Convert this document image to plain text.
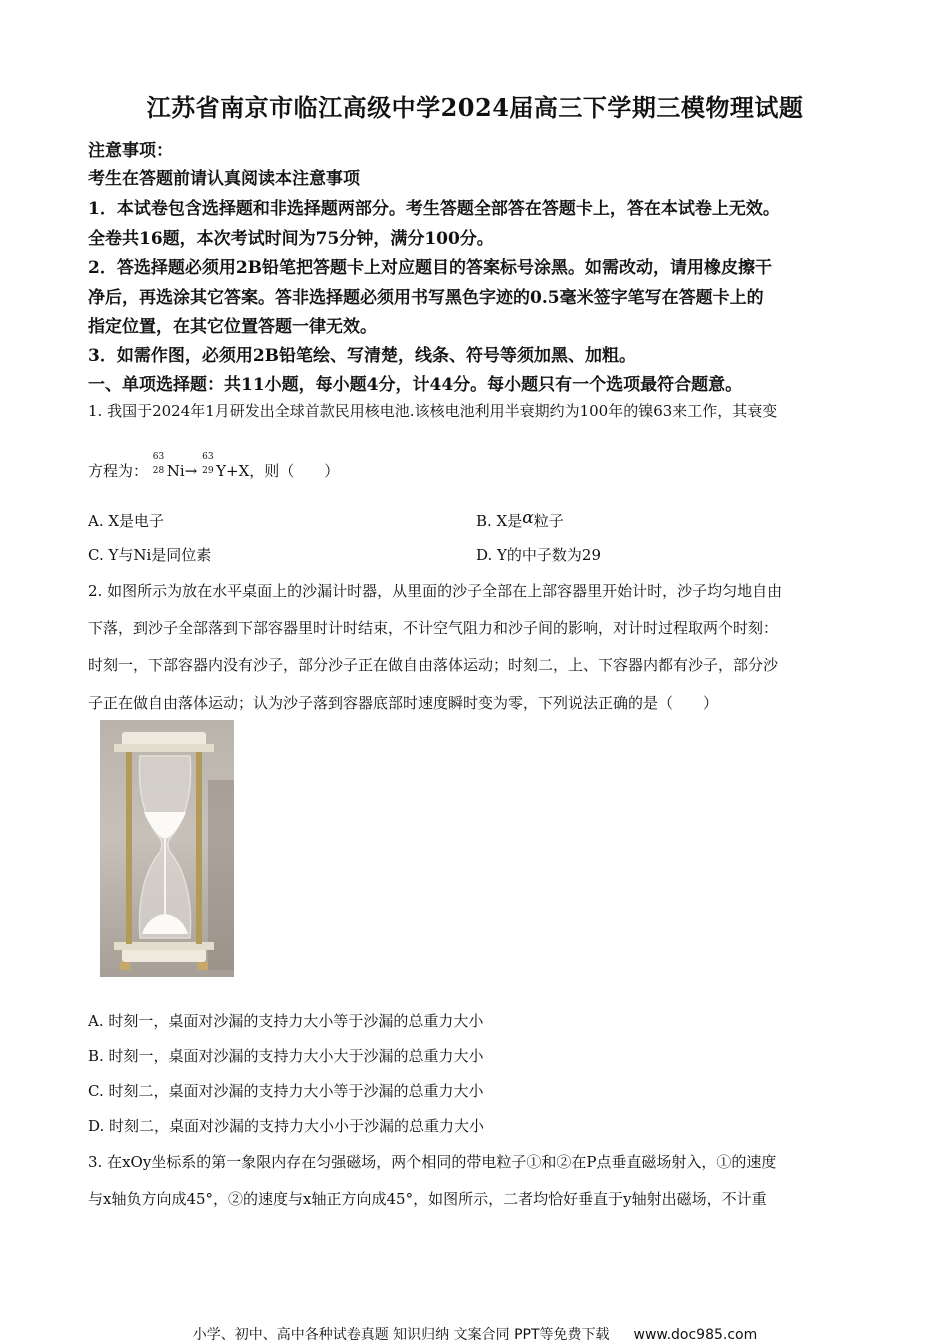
江苏省南京市临江高级中学2024届高三下学期三模物理试题
注意事项：
考生在答题前请认真阅读本注意事项
1．本试卷包含选择题和非选择题两部分。考生答题全部答在答题卡上，答在本试卷上无效。
全卷共16题，本次考试时间为75分钟，满分100分。
2．答选择题必须用2B铅笔把答题卡上对应题目的答案标号涂黑。如需改动，请用橡皮擦干
净后，再选涂其它答案。答非选择题必须用书写黑色字迹的0.5毫米签字笔写在答题卡上的
指定位置，在其它位置答题一律无效。
3．如需作图，必须用2B铅笔绘、写清楚，线条、符号等须加黑、加粗。
一、单项选择题：共11小题，每小题4分，计44分。每小题只有一个选项最符合题意。
1. 我国于2024年1月研发出全球首款民用核电池.该核电池利用半衰期约为100年的镍63来工作，其衰变
方程为：
63
28 Ni→
63
29 Y+X，则（　　）
A. X是电子	B. X是α粒子
C. Y与Ni是同位素	D. Y的中子数为29
2. 如图所示为放在水平桌面上的沙漏计时器，从里面的沙子全部在上部容器里开始计时，沙子均匀地自由
下落，到沙子全部落到下部容器里时计时结束，不计空气阻力和沙子间的影响，对计时过程取两个时刻：
时刻一，下部容器内没有沙子，部分沙子正在做自由落体运动；时刻二，上、下容器内都有沙子，部分沙
子正在做自由落体运动；认为沙子落到容器底部时速度瞬时变为零，下列说法正确的是（　　）
A. 时刻一，桌面对沙漏的支持力大小等于沙漏的总重力大小
B. 时刻一，桌面对沙漏的支持力大小大于沙漏的总重力大小
C. 时刻二，桌面对沙漏的支持力大小等于沙漏的总重力大小
D. 时刻二，桌面对沙漏的支持力大小小于沙漏的总重力大小
3. 在xOy坐标系的第一象限内存在匀强磁场，两个相同的带电粒子①和②在P点垂直磁场射入，①的速度
与x轴负方向成45°，②的速度与x轴正方向成45°，如图所示，二者均恰好垂直于y轴射出磁场，不计重
小学、初中、高中各种试卷真题 知识归纳 文案合同 PPT等免费下载 www.doc985.com
